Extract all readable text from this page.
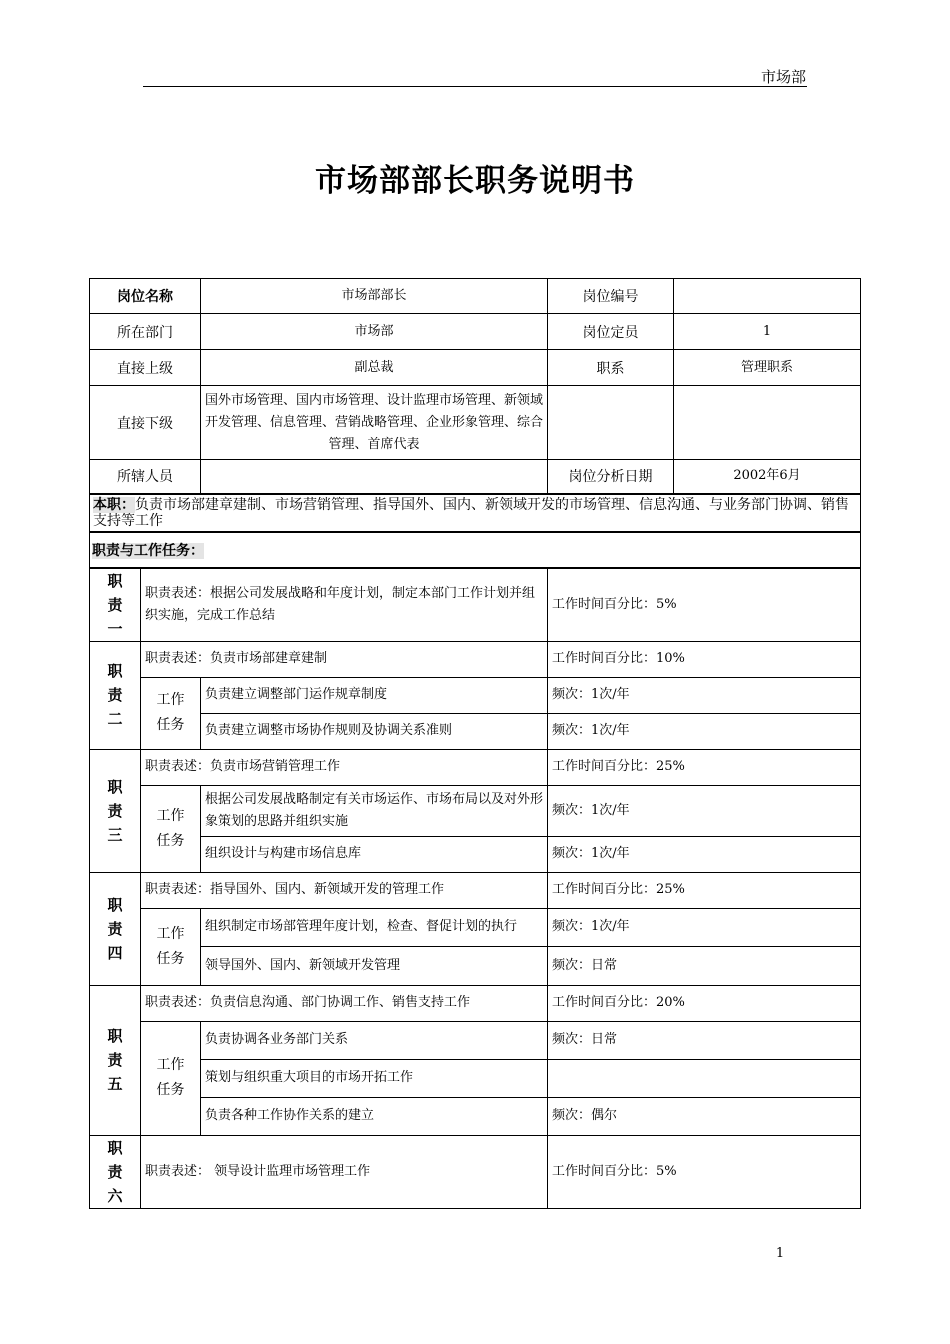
市场部
市场部部长职务说明书
岗位名称		市场部部长	岗位编号	
所在部门		市场部	岗位定员	1
直接上级		副总裁	职系	管理职系
直接下级		国外市场管理、国内市场管理、设计监理市场管理、新领域开发管理、信息管理、营销战略管理、企业形象管理、综合管理、首席代表		
所辖人员			岗位分析日期	2002年6月
本职：负责市场部建章建制、市场营销管理、指导国外、国内、新领域开发的市场管理、信息沟通、与业务部门协调、销售支持等工作				
职责与工作任务：				
职
责
一	职责表述：根据公司发展战略和年度计划，制定本部门工作计划并组织实施，完成工作总结		工作时间百分比：5%	
职
责
二	职责表述：负责市场部建章建制		工作时间百分比：10%	
	工作
任务	负责建立调整部门运作规章制度	频次：1次/年	
		负责建立调整市场协作规则及协调关系准则	频次：1次/年	
职
责
三	职责表述：负责市场营销管理工作		工作时间百分比：25%	
	工作
任务	根据公司发展战略制定有关市场运作、市场布局以及对外形象策划的思路并组织实施	频次：1次/年	
		组织设计与构建市场信息库	频次：1次/年	
职
责
四	职责表述：指导国外、国内、新领域开发的管理工作		工作时间百分比：25%	
	工作
任务	组织制定市场部管理年度计划，检查、督促计划的执行	频次：1次/年	
		领导国外、国内、新领域开发管理	频次：日常	
职
责
五	职责表述：负责信息沟通、部门协调工作、销售支持工作		工作时间百分比：20%	
	工作
任务	负责协调各业务部门关系	频次：日常	
		策划与组织重大项目的市场开拓工作		
		负责各种工作协作关系的建立	频次：偶尔	
职
责
六	职责表述： 领导设计监理市场管理工作		工作时间百分比：5%	
1
